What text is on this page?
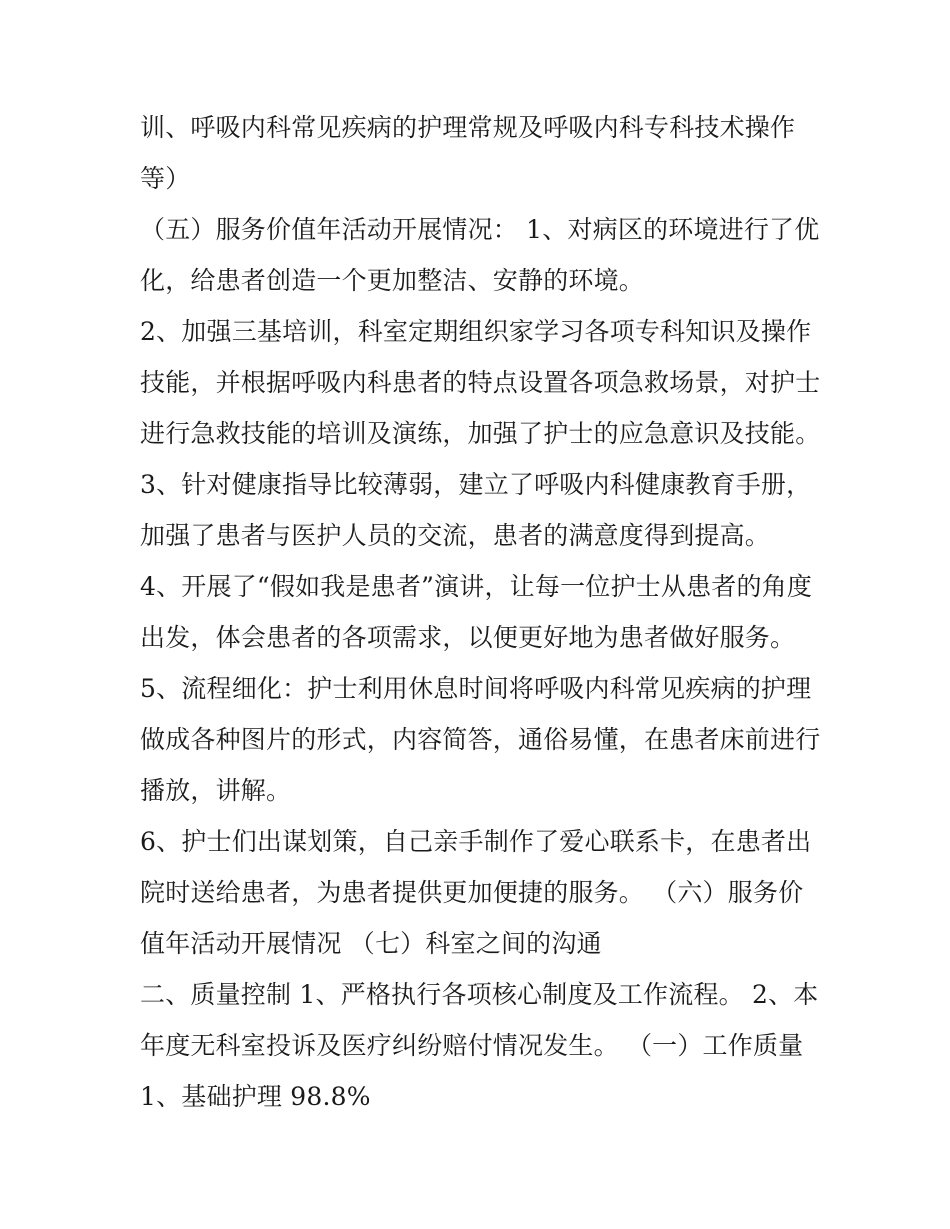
训、呼吸内科常见疾病的护理常规及呼吸内科专科技术操作
等）
（五）服务价值年活动开展情况： 1、对病区的环境进行了优
化，给患者创造一个更加整洁、安静的环境。
2、加强三基培训，科室定期组织家学习各项专科知识及操作
技能，并根据呼吸内科患者的特点设置各项急救场景，对护士
进行急救技能的培训及演练，加强了护士的应急意识及技能。
3、针对健康指导比较薄弱，建立了呼吸内科健康教育手册，
加强了患者与医护人员的交流，患者的满意度得到提高。
4、开展了“假如我是患者”演讲，让每一位护士从患者的角度
出发，体会患者的各项需求，以便更好地为患者做好服务。
5、流程细化：护士利用休息时间将呼吸内科常见疾病的护理
做成各种图片的形式，内容简答，通俗易懂，在患者床前进行
播放，讲解。
6、护士们出谋划策，自己亲手制作了爱心联系卡，在患者出
院时送给患者，为患者提供更加便捷的服务。 （六）服务价
值年活动开展情况 （七）科室之间的沟通
二、质量控制 1、严格执行各项核心制度及工作流程。 2、本
年度无科室投诉及医疗纠纷赔付情况发生。 （一）工作质量
1、基础护理 98.8%
